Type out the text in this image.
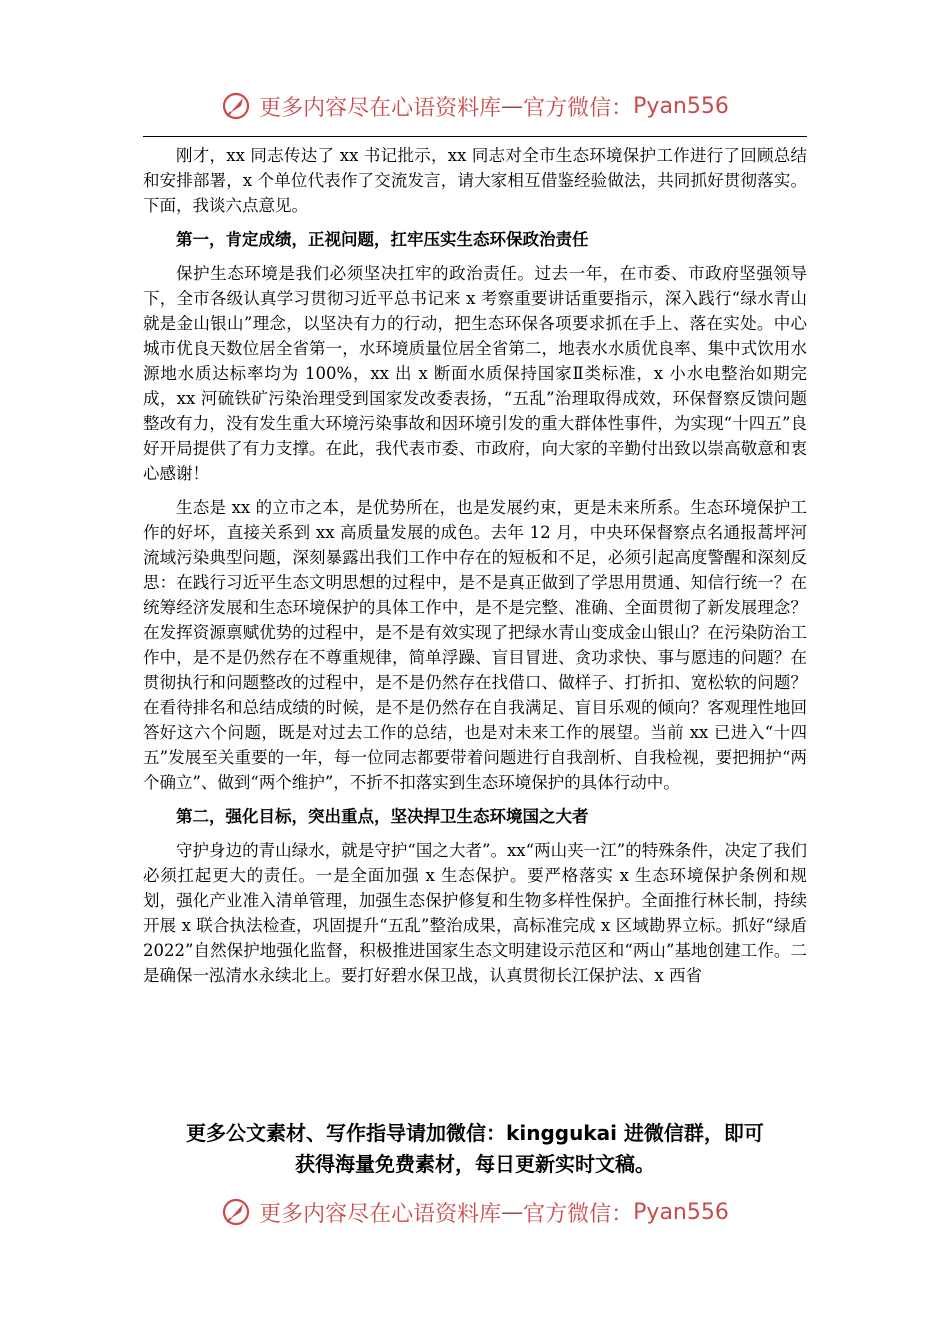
更多内容尽在心语资料库 — 官方微信： Pyan556

刚才，xx 同志传达了 xx 书记批示，xx 同志对全市生态环境保护工作进行了回顾总结和安排部署，x 个单位代表作了交流发言，请大家相互借鉴经验做法，共同抓好贯彻落实。下面，我谈六点意见。

第一，肯定成绩，正视问题，扛牢压实生态环保政治责任

保护生态环境是我们必须坚决扛牢的政治责任。过去一年，在市委、市政府坚强领导下，全市各级认真学习贯彻习近平总书记来 x 考察重要讲话重要指示，深入践行“绿水青山就是金山银山”理念，以坚决有力的行动，把生态环保各项要求抓在手上、落在实处。中心城市优良天数位居全省第一，水环境质量位居全省第二，地表水水质优良率、集中式饮用水源地水质达标率均为 100%，xx 出 x 断面水质保持国家Ⅱ类标准，x 小水电整治如期完成，xx 河硫铁矿污染治理受到国家发改委表扬，“五乱”治理取得成效，环保督察反馈问题整改有力，没有发生重大环境污染事故和因环境引发的重大群体性事件，为实现“十四五”良好开局提供了有力支撑。在此，我代表市委、市政府，向大家的辛勤付出致以崇高敬意和衷心感谢！

生态是 xx 的立市之本，是优势所在，也是发展约束，更是未来所系。生态环境保护工作的好坏，直接关系到 xx 高质量发展的成色。去年 12 月，中央环保督察点名通报蒿坪河流域污染典型问题，深刻暴露出我们工作中存在的短板和不足，必须引起高度警醒和深刻反思：在践行习近平生态文明思想的过程中，是不是真正做到了学思用贯通、知信行统一？在统筹经济发展和生态环境保护的具体工作中，是不是完整、准确、全面贯彻了新发展理念？在发挥资源禀赋优势的过程中，是不是有效实现了把绿水青山变成金山银山？在污染防治工作中，是不是仍然存在不尊重规律，简单浮躁、盲目冒进、贪功求快、事与愿违的问题？在贯彻执行和问题整改的过程中，是不是仍然存在找借口、做样子、打折扣、宽松软的问题？在看待排名和总结成绩的时候，是不是仍然存在自我满足、盲目乐观的倾向？客观理性地回答好这六个问题，既是对过去工作的总结，也是对未来工作的展望。当前 xx 已进入“十四五”发展至关重要的一年，每一位同志都要带着问题进行自我剖析、自我检视，要把拥护“两个确立”、做到“两个维护”，不折不扣落实到生态环境保护的具体行动中。

第二，强化目标，突出重点，坚决捍卫生态环境国之大者

守护身边的青山绿水，就是守护“国之大者”。xx“两山夹一江”的特殊条件，决定了我们必须扛起更大的责任。一是全面加强 x 生态保护。要严格落实 x 生态环境保护条例和规划，强化产业准入清单管理，加强生态保护修复和生物多样性保护。全面推行林长制，持续开展 x 联合执法检查，巩固提升“五乱”整治成果，高标准完成 x 区域勘界立标。抓好“绿盾 2022”自然保护地强化监督，积极推进国家生态文明建设示范区和“两山”基地创建工作。二是确保一泓清水永续北上。要打好碧水保卫战，认真贯彻长江保护法、x 西省

更多公文素材、写作指导请加微信：kinggukai 进微信群，即可
获得海量免费素材，每日更新实时文稿。
更多内容尽在心语资料库 — 官方微信： Pyan556
